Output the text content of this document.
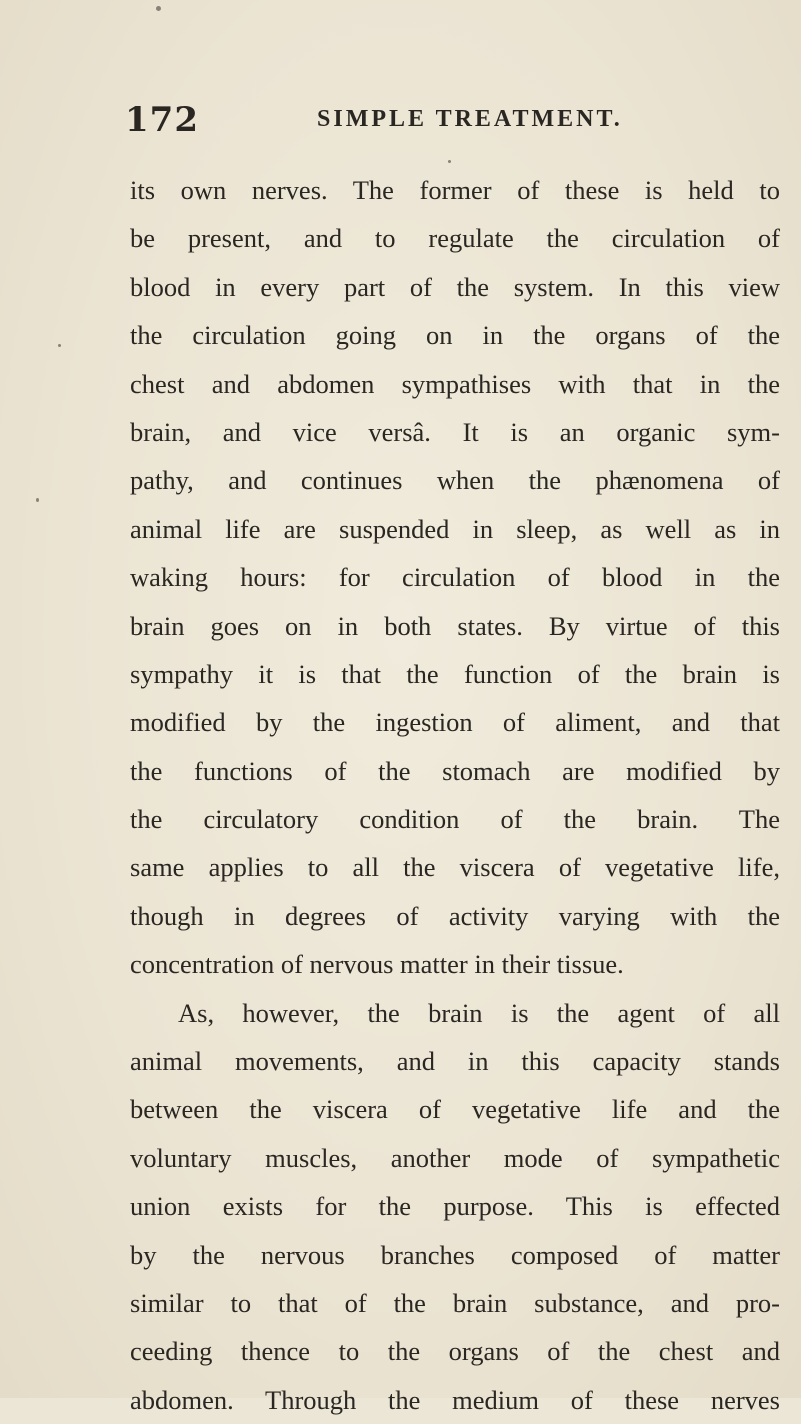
172	SIMPLE TREATMENT.
its own nerves. The former of these is held to
be present, and to regulate the circulation of
blood in every part of the system. In this view
the circulation going on in the organs of the
chest and abdomen sympathises with that in the
brain, and vice versâ. It is an organic sym-
pathy, and continues when the phænomena of
animal life are suspended in sleep, as well as in
waking hours: for circulation of blood in the
brain goes on in both states. By virtue of this
sympathy it is that the function of the brain is
modified by the ingestion of aliment, and that
the functions of the stomach are modified by
the circulatory condition of the brain. The
same applies to all the viscera of vegetative life,
though in degrees of activity varying with the
concentration of nervous matter in their tissue.
As, however, the brain is the agent of all
animal movements, and in this capacity stands
between the viscera of vegetative life and the
voluntary muscles, another mode of sympathetic
union exists for the purpose. This is effected
by the nervous branches composed of matter
similar to that of the brain substance, and pro-
ceeding thence to the organs of the chest and
abdomen. Through the medium of these nerves
